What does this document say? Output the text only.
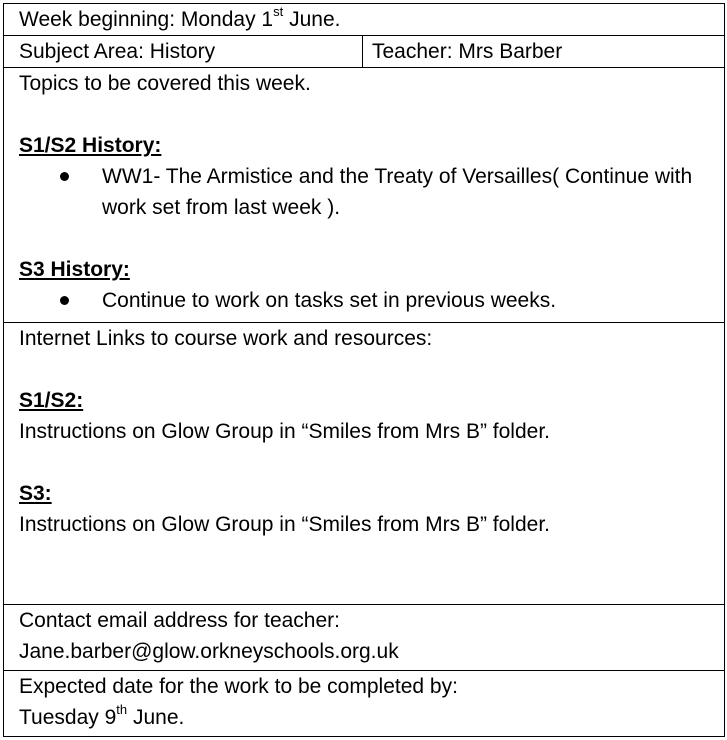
Week beginning: Monday 1st June.
Subject Area: History	Teacher: Mrs Barber

Topics to be covered this week.
S1/S2 History:
WW1- The Armistice and the Treaty of Versailles( Continue with work set from last week ).
S3 History:
Continue to work on tasks set in previous weeks.

Internet Links to course work and resources:
S1/S2:
Instructions on Glow Group in “Smiles from Mrs B” folder.
S3:
Instructions on Glow Group in “Smiles from Mrs B” folder.

Contact email address for teacher:
Jane.barber@glow.orkneyschools.org.uk

Expected date for the work to be completed by:
Tuesday 9th June.
